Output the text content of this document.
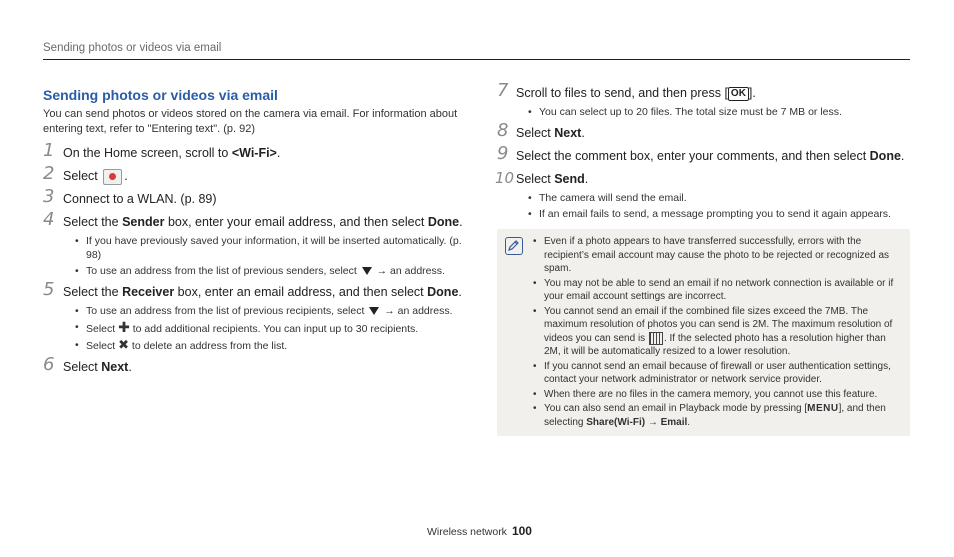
Sending photos or videos via email
Sending photos or videos via email

You can send photos or videos stored on the camera via email. For information about entering text, refer to "Entering text". (p. 92)

1 On the Home screen, scroll to <Wi-Fi>.
2 Select .
3 Connect to a WLAN. (p. 89)
4 Select the Sender box, enter your email address, and then select Done.
• If you have previously saved your information, it will be inserted automatically. (p. 98)
• To use an address from the list of previous senders, select  → an address.
5 Select the Receiver box, enter an email address, and then select Done.
• To use an address from the list of previous recipients, select  → an address.
• Select ✚ to add additional recipients. You can input up to 30 recipients.
• Select ✖ to delete an address from the list.
6 Select Next.
7 Scroll to files to send, and then press [ OK ].
• You can select up to 20 files. The total size must be 7 MB or less.
8 Select Next.
9 Select the comment box, enter your comments, and then select Done.
10 Select Send.
• The camera will send the email.
• If an email fails to send, a message prompting you to send it again appears.
• Even if a photo appears to have transferred successfully, errors with the recipient’s email account may cause the photo to be rejected or recognized as spam.
• You may not be able to send an email if no network connection is available or if your email account settings are incorrect.
• You cannot send an email if the combined file sizes exceed the 7MB. The maximum resolution of photos you can send is 2M. The maximum resolution of videos you can send is . If the selected photo has a resolution higher than 2M, it will be automatically resized to a lower resolution.
• If you cannot send an email because of firewall or user authentication settings, contact your network administrator or network service provider.
• When there are no files in the camera memory, you cannot use this feature.
• You can also send an email in Playback mode by pressing [MENU], and then selecting Share(Wi-Fi) → Email.
Wireless network 100
